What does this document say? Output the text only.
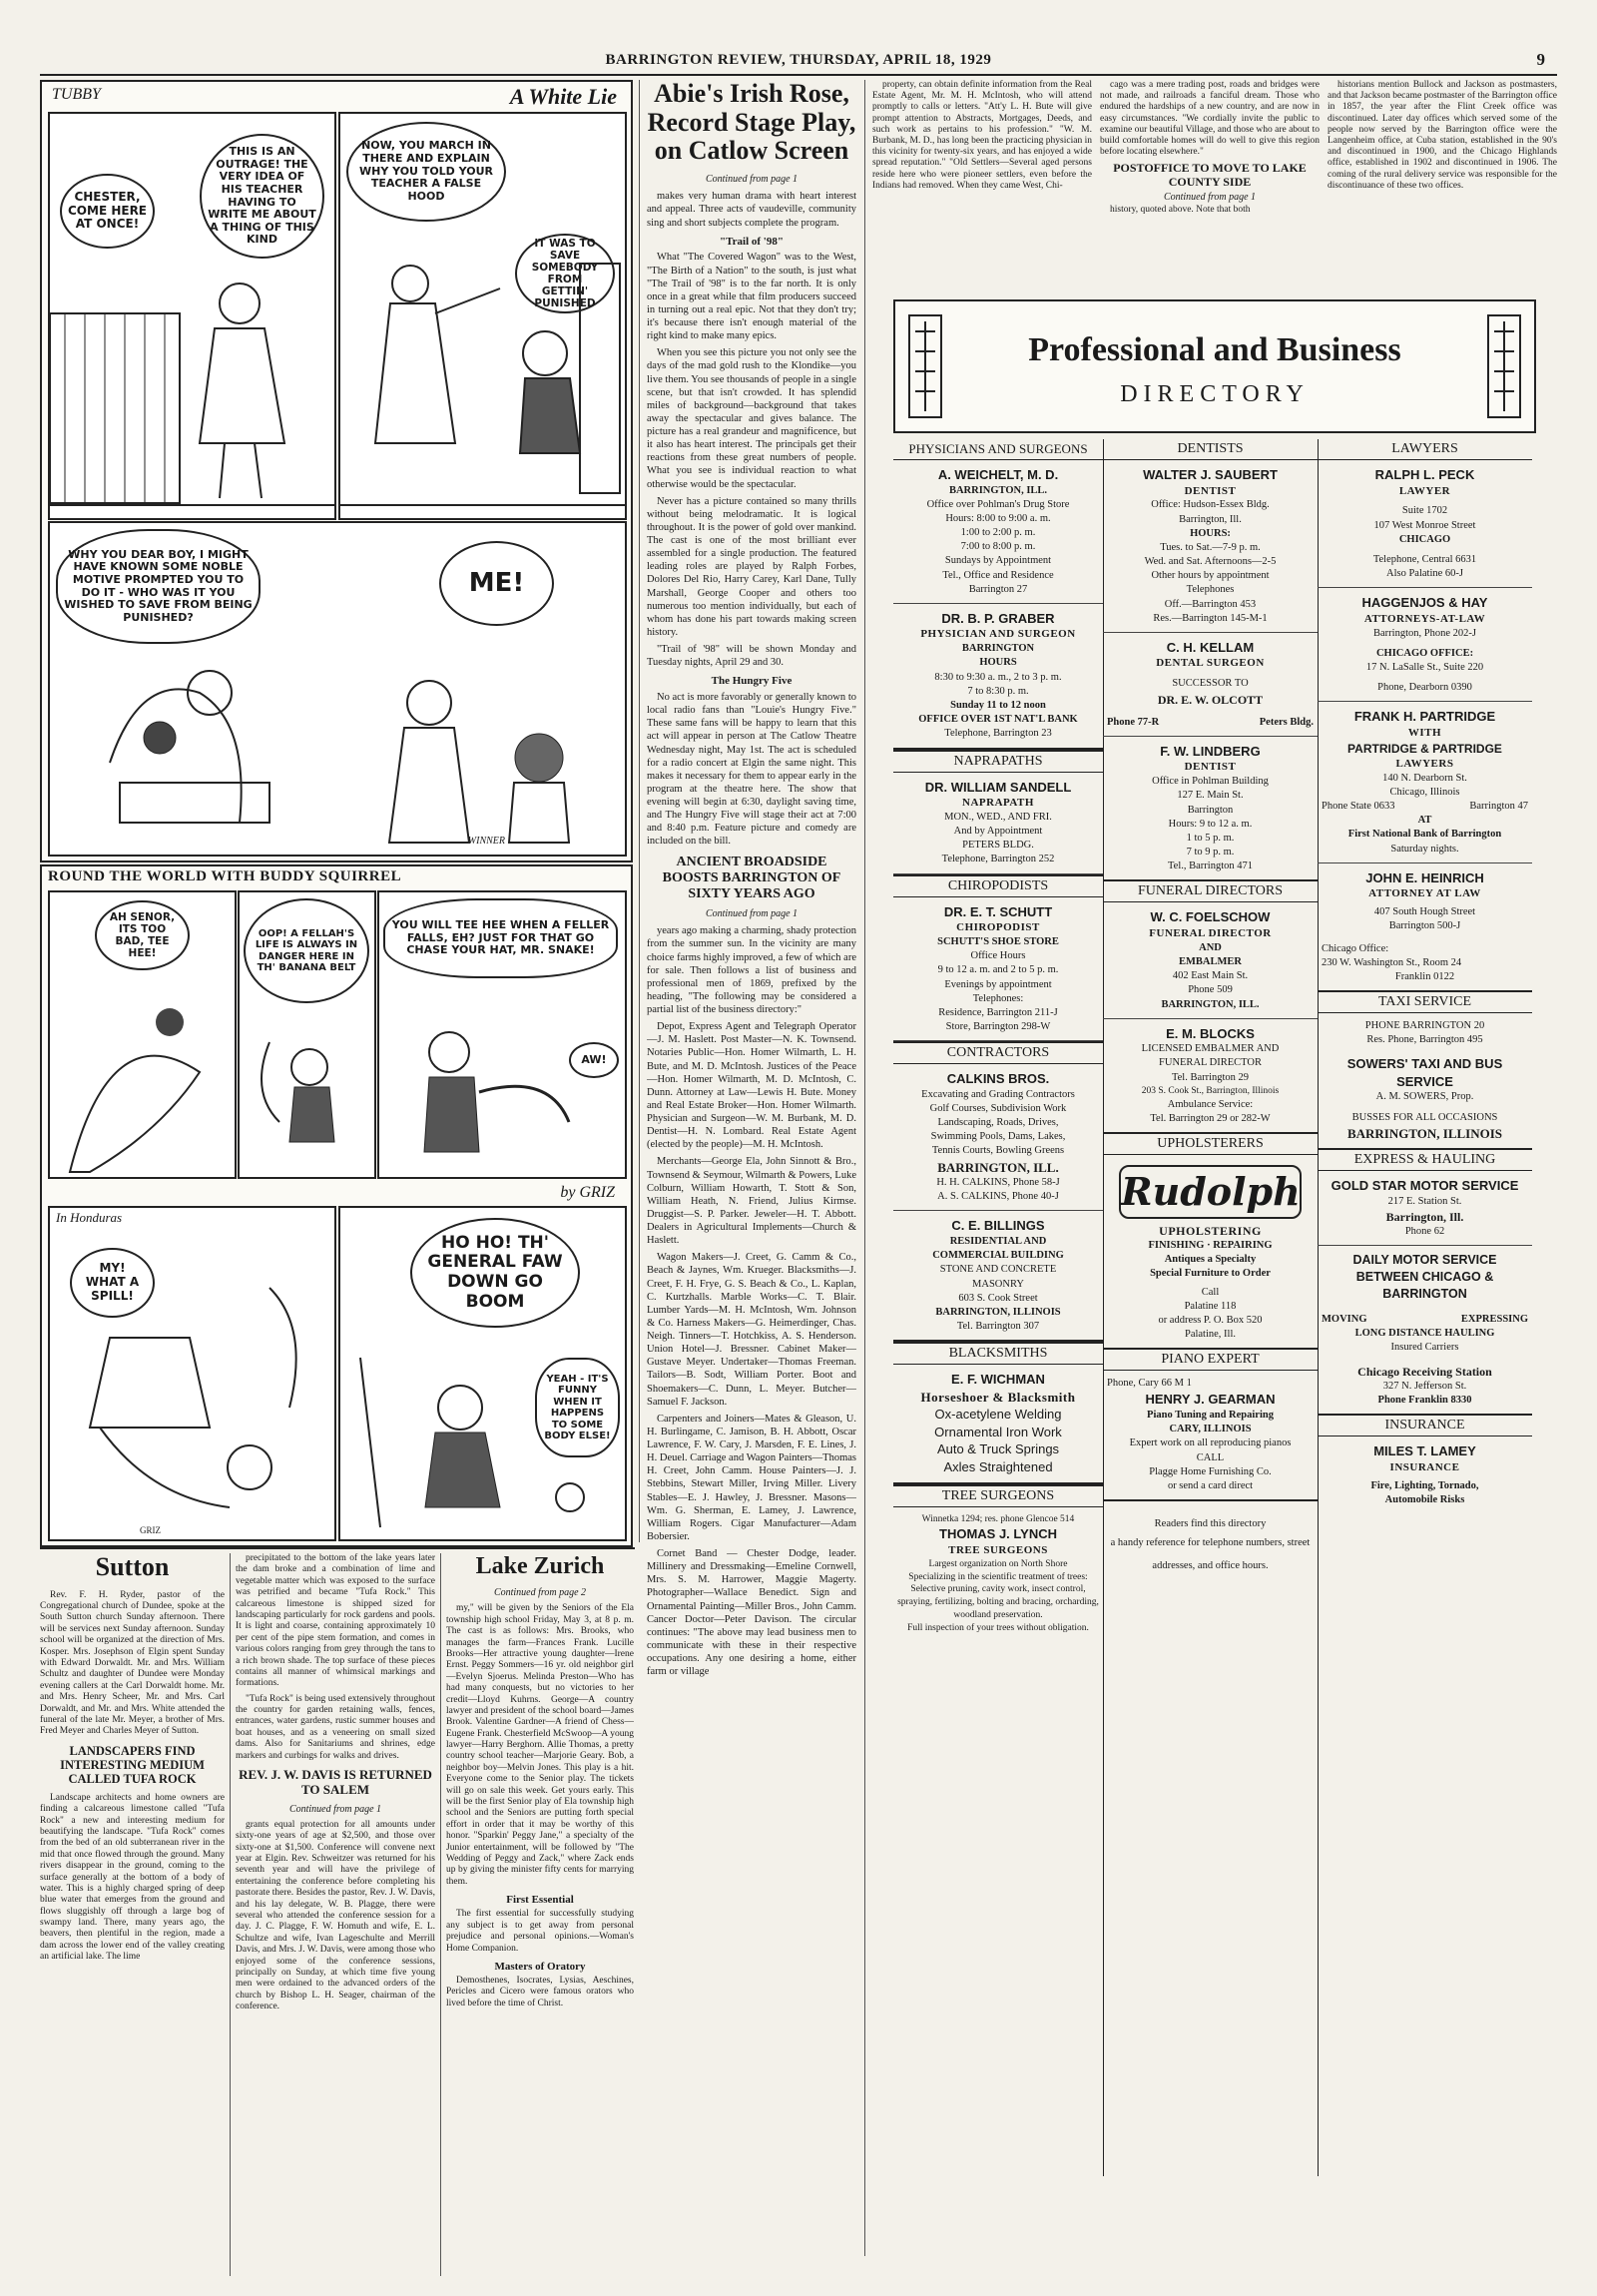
BARRINGTON REVIEW, THURSDAY, APRIL 18, 1929	9
TUBBY	A White Lie
CHESTER, COME HERE AT ONCE!
THIS IS AN OUTRAGE! THE VERY IDEA OF HIS TEACHER HAVING TO WRITE ME ABOUT A THING OF THIS KIND
NOW, YOU MARCH IN THERE AND EXPLAIN WHY YOU TOLD YOUR TEACHER A FALSE HOOD
IT WAS TO SAVE SOMEBODY FROM GETTIN' PUNISHED
WHY YOU DEAR BOY, I MIGHT HAVE KNOWN SOME NOBLE MOTIVE PROMPTED YOU TO DO IT - WHO WAS IT YOU WISHED TO SAVE FROM BEING PUNISHED?
ME!
WINNER
ROUND THE WORLD WITH BUDDY SQUIRREL
AH SENOR, ITS TOO BAD, TEE HEE!
OOP! A FELLAH'S LIFE IS ALWAYS IN DANGER HERE IN TH' BANANA BELT
YOU WILL TEE HEE WHEN A FELLER FALLS, EH? JUST FOR THAT GO CHASE YOUR HAT, MR. SNAKE!
AW!
by GRIZ
In Honduras
MY! WHAT A SPILL!
GRIZ
HO HO! TH' GENERAL FAW DOWN GO BOOM
YEAH - IT'S FUNNY WHEN IT HAPPENS TO SOME BODY ELSE!
Abie's Irish Rose, Record Stage Play, on Catlow Screen
Continued from page 1

makes very human drama with heart interest and appeal. Three acts of vaudeville, community sing and short subjects complete the program.

"Trail of '98"

What "The Covered Wagon" was to the West, "The Birth of a Nation" to the south, is just what "The Trail of '98" is to the far north. It is only once in a great while that film producers succeed in turning out a real epic. Not that they don't try; it's because there isn't enough material of the right kind to make many epics.

When you see this picture you not only see the days of the mad gold rush to the Klondike—you live them. You see thousands of people in a single scene, but that isn't crowded. It has splendid miles of background—background that takes away the spectacular and gives balance. The picture has a real grandeur and magnificence, but it also has heart interest. The principals get their reactions from these great numbers of people. What you see is individual reaction to what otherwise would be the spectacular.

Never has a picture contained so many thrills without being melodramatic. It is logical throughout. It is the power of gold over mankind. The cast is one of the most brilliant ever assembled for a single production. The featured leading roles are played by Ralph Forbes, Dolores Del Rio, Harry Carey, Karl Dane, Tully Marshall, George Cooper and others too numerous too mention individually, but each of whom has done his part towards making screen history.

"Trail of '98" will be shown Monday and Tuesday nights, April 29 and 30.

The Hungry Five

No act is more favorably or generally known to local radio fans than "Louie's Hungry Five." These same fans will be happy to learn that this act will appear in person at The Catlow Theatre Wednesday night, May 1st. The act is scheduled for a radio concert at Elgin the same night. This makes it necessary for them to appear early in the program at the theatre here. The show that evening will begin at 6:30, daylight saving time, and The Hungry Five will stage their act at 7:00 and 8:40 p.m. Feature picture and comedy are included on the bill.

ANCIENT BROADSIDE BOOSTS BARRINGTON OF SIXTY YEARS AGO
Continued from page 1

years ago making a charming, shady protection from the summer sun. In the vicinity are many choice farms highly improved, a few of which are for sale. Then follows a list of business and professional men of 1869, prefixed by the heading, "The following may be considered a partial list of the business directory:"

Depot, Express Agent and Telegraph Operator—J. M. Haslett. Post Master—N. K. Townsend. Notaries Public—Hon. Homer Wilmarth, L. H. Bute, and M. D. McIntosh. Justices of the Peace—Hon. Homer Wilmarth, M. D. McIntosh, C. Dunn. Attorney at Law—Lewis H. Bute. Money and Real Estate Broker—Hon. Homer Wilmarth. Physician and Surgeon—W. M. Burbank, M. D. Dentist—H. N. Lombard. Real Estate Agent (elected by the people)—M. H. McIntosh.

Merchants—George Ela, John Sinnott & Bro., Townsend & Seymour, Wilmarth & Powers, Luke Colburn, William Howarth, T. Stott & Son, William Heath, N. Friend, Julius Kirmse. Druggist—S. P. Parker. Jeweler—H. T. Abbott. Dealers in Agricultural Implements—Church & Haslett.

Wagon Makers—J. Creet, G. Camm & Co., Beach & Jaynes, Wm. Krueger. Blacksmiths—J. Creet, F. H. Frye, G. S. Beach & Co., L. Kaplan, C. Kurtzhalls. Marble Works—C. T. Blair. Lumber Yards—M. H. McIntosh, Wm. Johnson & Co. Harness Makers—G. Heimerdinger, Chas. Neigh. Tinners—T. Hotchkiss, A. S. Henderson. Union Hotel—J. Bressner. Cabinet Maker—Gustave Meyer. Undertaker—Thomas Freeman. Tailors—B. Sodt, William Porter. Boot and Shoemakers—C. Dunn, L. Meyer. Butcher—Samuel F. Jackson.

Carpenters and Joiners—Mates & Gleason, U. H. Burlingame, C. Jamison, B. H. Abbott, Oscar Lawrence, F. W. Cary, J. Marsden, F. E. Lines, J. H. Deuel. Carriage and Wagon Painters—Thomas H. Creet, John Camm. House Painters—J. J. Stebbins, Stewart Miller, Irving Miller. Livery Stables—E. J. Hawley, J. Bressner. Masons—Wm. G. Sherman, E. Lamey, J. Lawrence, William Rogers. Cigar Manufacturer—Adam Bobersier.

Cornet Band — Chester Dodge, leader. Millinery and Dressmaking—Emeline Cornwell, Mrs. S. M. Harrower, Maggie Magerty. Photographer—Wallace Benedict. Sign and Ornamental Painting—Miller Bros., John Camm. Cancer Doctor—Peter Davison. The circular continues: "The above may lead business men to communicate with these in their respective occupations. Any one desiring a home, either farm or village

property, can obtain definite information from the Real Estate Agent, Mr. M. H. McIntosh, who will attend promptly to calls or letters. "Att'y L. H. Bute will give prompt attention to Abstracts, Mortgages, Deeds, and such work as pertains to his profession." "W. M. Burbank, M. D., has long been the practicing physician in this vicinity for twenty-six years, and has enjoyed a wide spread reputation." "Old Settlers—Several aged persons reside here who were pioneer settlers, even before the Indians had removed. When they came West, Chi-

cago was a mere trading post, roads and bridges were not made, and railroads a fanciful dream. Those who endured the hardships of a new country, and are now in easy circumstances. "We cordially invite the public to examine our beautiful Village, and those who are about to build comfortable homes will do well to give this region before locating elsewhere."

POSTOFFICE TO MOVE TO LAKE COUNTY SIDE
Continued from page 1

history, quoted above. Note that both

historians mention Bullock and Jackson as postmasters, and that Jackson became postmaster of the Barrington office in 1857, the year after the Flint Creek office was discontinued. Later day offices which served some of the people now served by the Barrington office were the Langenheim office, at Cuba station, established in the 90's and discontinued in 1900, and the Chicago Highlands office, established in 1902 and discontinued in 1906. The coming of the rural delivery service was responsible for the discontinuance of these two offices.

Professional and Business
DIRECTORY
PHYSICIANS AND SURGEONS
A. WEICHELT, M. D.
BARRINGTON, ILL.
Office over Pohlman's Drug Store
Hours: 8:00 to 9:00 a. m.
1:00 to 2:00 p. m.
7:00 to 8:00 p. m.
Sundays by Appointment
Tel., Office and Residence
Barrington 27
DR. B. P. GRABER
PHYSICIAN AND SURGEON
BARRINGTON
HOURS
8:30 to 9:30 a. m., 2 to 3 p. m.
7 to 8:30 p. m.
Sunday 11 to 12 noon
OFFICE OVER 1ST NAT'L BANK
Telephone, Barrington 23
NAPRAPATHS
DR. WILLIAM SANDELL
NAPRAPATH
MON., WED., AND FRI.
And by Appointment
PETERS BLDG.
Telephone, Barrington 252
CHIROPODISTS
DR. E. T. SCHUTT
CHIROPODIST
SCHUTT'S SHOE STORE
Office Hours
9 to 12 a. m. and 2 to 5 p. m.
Evenings by appointment
Telephones:
Residence, Barrington 211-J
Store, Barrington 298-W
CONTRACTORS
CALKINS BROS.
Excavating and Grading Contractors
Golf Courses, Subdivision Work
Landscaping, Roads, Drives,
Swimming Pools, Dams, Lakes,
Tennis Courts, Bowling Greens
BARRINGTON, ILL.
H. H. CALKINS, Phone 58-J
A. S. CALKINS, Phone 40-J
C. E. BILLINGS
RESIDENTIAL AND
COMMERCIAL BUILDING
STONE AND CONCRETE
MASONRY
603 S. Cook Street
BARRINGTON, ILLINOIS
Tel. Barrington 307
BLACKSMITHS
E. F. WICHMAN
Horseshoer & Blacksmith
Ox-acetylene Welding
Ornamental Iron Work
Auto & Truck Springs
Axles Straightened
TREE SURGEONS
Winnetka 1294; res. phone Glencoe 514
THOMAS J. LYNCH
TREE SURGEONS
Largest organization on North Shore
Specializing in the scientific treatment of trees: Selective pruning, cavity work, insect control, spraying, fertilizing, bolting and bracing, orcharding, woodland preservation.
Full inspection of your trees without obligation.
DENTISTS
WALTER J. SAUBERT
DENTIST
Office: Hudson-Essex Bldg.
Barrington, Ill.
HOURS:
Tues. to Sat.—7-9 p. m.
Wed. and Sat. Afternoons—2-5
Other hours by appointment
Telephones
Off.—Barrington 453
Res.—Barrington 145-M-1
C. H. KELLAM
DENTAL SURGEON
SUCCESSOR TO
DR. E. W. OLCOTT
Phone 77-R	Peters Bldg.
F. W. LINDBERG
DENTIST
Office in Pohlman Building
127 E. Main St.
Barrington
Hours: 9 to 12 a. m.
1 to 5 p. m.
7 to 9 p. m.
Tel., Barrington 471
FUNERAL DIRECTORS
W. C. FOELSCHOW
FUNERAL DIRECTOR
AND
EMBALMER
402 East Main St.
Phone 509
BARRINGTON, ILL.
E. M. BLOCKS
LICENSED EMBALMER AND
FUNERAL DIRECTOR
Tel. Barrington 29
203 S. Cook St., Barrington, Illinois
Ambulance Service:
Tel. Barrington 29 or 282-W
UPHOLSTERERS
Rudolph
UPHOLSTERING
FINISHING · REPAIRING
Antiques a Specialty
Special Furniture to Order
Call
Palatine 118
or address P. O. Box 520
Palatine, Ill.
PIANO EXPERT
Phone, Cary 66 M 1
HENRY J. GEARMAN
Piano Tuning and Repairing
CARY, ILLINOIS
Expert work on all reproducing pianos
CALL
Plagge Home Furnishing Co.
or send a card direct
Readers find this directory
a handy reference for telephone numbers, street addresses, and office hours.
LAWYERS
RALPH L. PECK
LAWYER
Suite 1702
107 West Monroe Street
CHICAGO
Telephone, Central 6631
Also Palatine 60-J
HAGGENJOS & HAY
ATTORNEYS-AT-LAW
Barrington, Phone 202-J
CHICAGO OFFICE:
17 N. LaSalle St., Suite 220
Phone, Dearborn 0390
FRANK H. PARTRIDGE
WITH
PARTRIDGE & PARTRIDGE
LAWYERS
140 N. Dearborn St.
Chicago, Illinois
Phone State 0633	Barrington 47
AT
First National Bank of Barrington
Saturday nights.
JOHN E. HEINRICH
ATTORNEY AT LAW
407 South Hough Street
Barrington 500-J
Chicago Office:
230 W. Washington St., Room 24
Franklin 0122
TAXI SERVICE
PHONE BARRINGTON 20
Res. Phone, Barrington 495
SOWERS' TAXI AND BUS SERVICE
A. M. SOWERS, Prop.
BUSSES FOR ALL OCCASIONS
BARRINGTON, ILLINOIS
EXPRESS & HAULING
GOLD STAR MOTOR SERVICE
217 E. Station St.
Barrington, Ill.
Phone 62
DAILY MOTOR SERVICE BETWEEN CHICAGO & BARRINGTON
MOVING	EXPRESSING
LONG DISTANCE HAULING
Insured Carriers
Chicago Receiving Station
327 N. Jefferson St.
Phone Franklin 8330
INSURANCE
MILES T. LAMEY
INSURANCE
Fire, Lighting, Tornado,
Automobile Risks
Sutton

Rev. F. H. Ryder, pastor of the Congregational church of Dundee, spoke at the South Sutton church Sunday afternoon. There will be services next Sunday afternoon. Sunday school will be organized at the direction of Mrs. Kosper. Mrs. Josephson of Elgin spent Sunday with Edward Dorwaldt. Mr. and Mrs. William Schultz and daughter of Dundee were Monday evening callers at the Carl Dorwaldt home. Mr. and Mrs. Henry Scheer, Mr. and Mrs. Carl Dorwaldt, and Mr. and Mrs. White attended the funeral of the late Mr. Meyer, a brother of Mrs. Fred Meyer and Charles Meyer of Sutton.

LANDSCAPERS FIND INTERESTING MEDIUM CALLED TUFA ROCK

Landscape architects and home owners are finding a calcareous limestone called "Tufa Rock" a new and interesting medium for beautifying the landscape. "Tufa Rock" comes from the bed of an old subterranean river in the mid that once flowed through the ground. Many rivers disappear in the ground, coming to the surface generally at the bottom of a body of water. This is a highly charged spring of deep blue water that emerges from the ground and flows sluggishly off through a large bog of swampy land. There, many years ago, the beavers, then plentiful in the region, made a dam across the lower end of the valley creating an artificial lake. The lime

precipitated to the bottom of the lake years later the dam broke and a combination of lime and vegetable matter which was exposed to the surface was petrified and became "Tufa Rock." This calcareous limestone is shipped sized for landscaping particularly for rock gardens and pools. It is light and coarse, containing approximately 10 per cent of the pipe stem formation, and comes in various colors ranging from grey through the tans to a rich brown shade. The top surface of these pieces contains all manner of whimsical markings and formations.

"Tufa Rock" is being used extensively throughout the country for garden retaining walls, fences, entrances, water gardens, rustic summer houses and boat houses, and as a veneering on small sized dams. Also for Sanitariums and shrines, edge markers and curbings for walks and drives.

REV. J. W. DAVIS IS RETURNED TO SALEM
Continued from page 1

grants equal protection for all amounts under sixty-one years of age at $2,500, and those over sixty-one at $1,500. Conference will convene next year at Elgin. Rev. Schweitzer was returned for his seventh year and will have the privilege of entertaining the conference before completing his pastorate there. Besides the pastor, Rev. J. W. Davis, and his lay delegate, W. B. Plagge, there were several who attended the conference session for a day. J. C. Plagge, F. W. Homuth and wife, E. L. Schultze and wife, Ivan Lageschulte and Merrill Davis, and Mrs. J. W. Davis, were among those who enjoyed some of the conference sessions, principally on Sunday, at which time five young men were ordained to the advanced orders of the church by Bishop L. H. Seager, chairman of the conference.

Lake Zurich
Continued from page 2

my," will be given by the Seniors of the Ela township high school Friday, May 3, at 8 p. m. The cast is as follows: Mrs. Brooks, who manages the farm—Frances Frank. Lucille Brooks—Her attractive young daughter—Irene Ernst. Peggy Sommers—16 yr. old neighbor girl—Evelyn Sjoerus. Melinda Preston—Who has had many conquests, but no victories to her credit—Lloyd Kuhrns. George—A country lawyer and president of the school board—James Brook. Valentine Gardner—A friend of Chess—Eugene Frank. Chesterfield McSwoop—A young lawyer—Harry Berghorn. Allie Thomas, a pretty country school teacher—Marjorie Geary. Bob, a neighbor boy—Melvin Jones. This play is a hit. Everyone come to the Senior play. The tickets will go on sale this week. Get yours early. This will be the first Senior play of Ela township high school and the Seniors are putting forth special effort in order that it may be worthy of this honor. "Sparkin' Peggy Jane," a specialty of the Junior entertainment, will be followed by "The Wedding of Peggy and Zack," where Zack ends up by giving the minister fifty cents for marrying them.

First Essential

The first essential for successfully studying any subject is to get away from personal prejudice and personal opinions.—Woman's Home Companion.

Masters of Oratory

Demosthenes, Isocrates, Lysias, Aeschines, Pericles and Cicero were famous orators who lived before the time of Christ.
